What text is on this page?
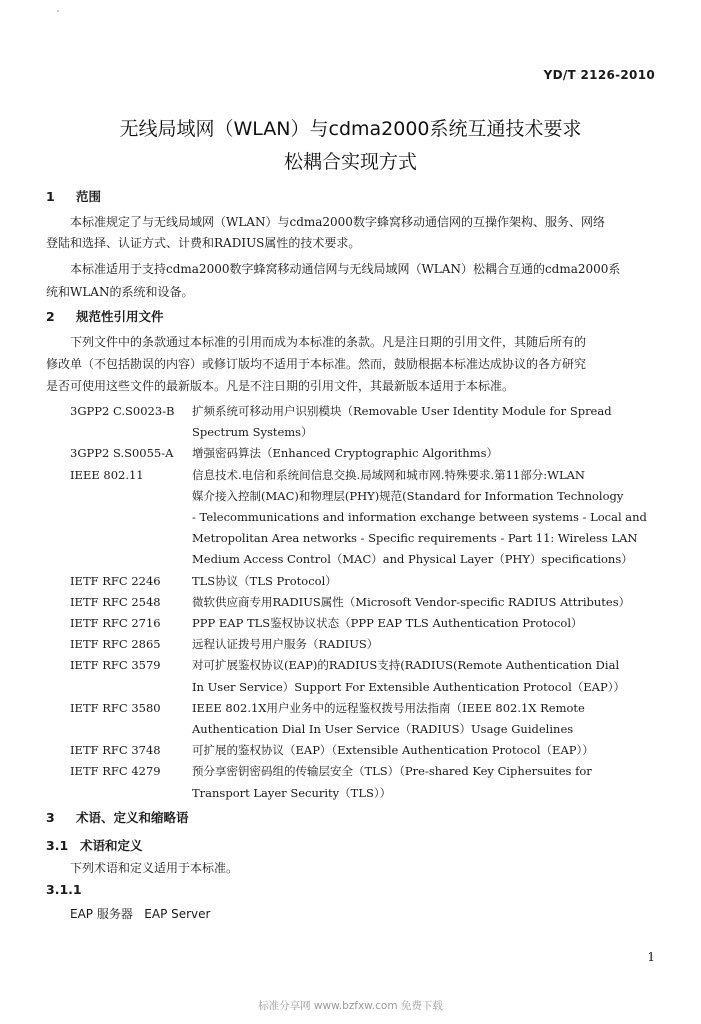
YD/T 2126-2010
无线局域网（WLAN）与cdma2000系统互通技术要求
松耦合实现方式
1 范围
本标准规定了与无线局域网（WLAN）与cdma2000数字蜂窝移动通信网的互操作架构、服务、网络
登陆和选择、认证方式、计费和RADIUS属性的技术要求。
本标准适用于支持cdma2000数字蜂窝移动通信网与无线局域网（WLAN）松耦合互通的cdma2000系
统和WLAN的系统和设备。
2 规范性引用文件
下列文件中的条款通过本标准的引用而成为本标准的条款。凡是注日期的引用文件，其随后所有的
修改单（不包括勘误的内容）或修订版均不适用于本标准。然而，鼓励根据本标准达成协议的各方研究
是否可使用这些文件的最新版本。凡是不注日期的引用文件，其最新版本适用于本标准。
3GPP2 C.S0023-B	扩频系统可移动用户识别模块（Removable User Identity Module for Spread
Spectrum Systems）
3GPP2 S.S0055-A	增强密码算法（Enhanced Cryptographic Algorithms）
IEEE 802.11	信息技术.电信和系统间信息交换.局域网和城市网.特殊要求.第11部分:WLAN
媒介接入控制(MAC)和物理层(PHY)规范(Standard for Information Technology
- Telecommunications and information exchange between systems - Local and
Metropolitan Area networks - Specific requirements - Part 11: Wireless LAN
Medium Access Control（MAC）and Physical Layer（PHY）specifications）
IETF RFC 2246	TLS协议（TLS Protocol）
IETF RFC 2548	微软供应商专用RADIUS属性（Microsoft Vendor-specific RADIUS Attributes）
IETF RFC 2716	PPP EAP TLS鉴权协议状态（PPP EAP TLS Authentication Protocol）
IETF RFC 2865	远程认证拨号用户服务（RADIUS）
IETF RFC 3579	对可扩展鉴权协议(EAP)的RADIUS支持(RADIUS(Remote Authentication Dial
In User Service）Support For Extensible Authentication Protocol（EAP））
IETF RFC 3580	IEEE 802.1X用户业务中的远程鉴权拨号用法指南（IEEE 802.1X Remote
Authentication Dial In User Service（RADIUS）Usage Guidelines
IETF RFC 3748	可扩展的鉴权协议（EAP）（Extensible Authentication Protocol（EAP））
IETF RFC 4279	预分享密钥密码组的传输层安全（TLS）（Pre-shared Key Ciphersuites for
Transport Layer Security（TLS））
3 术语、定义和缩略语
3.1 术语和定义
下列术语和定义适用于本标准。
3.1.1
EAP 服务器   EAP Server
1
标准分享网 www.bzfxw.com 免费下载
